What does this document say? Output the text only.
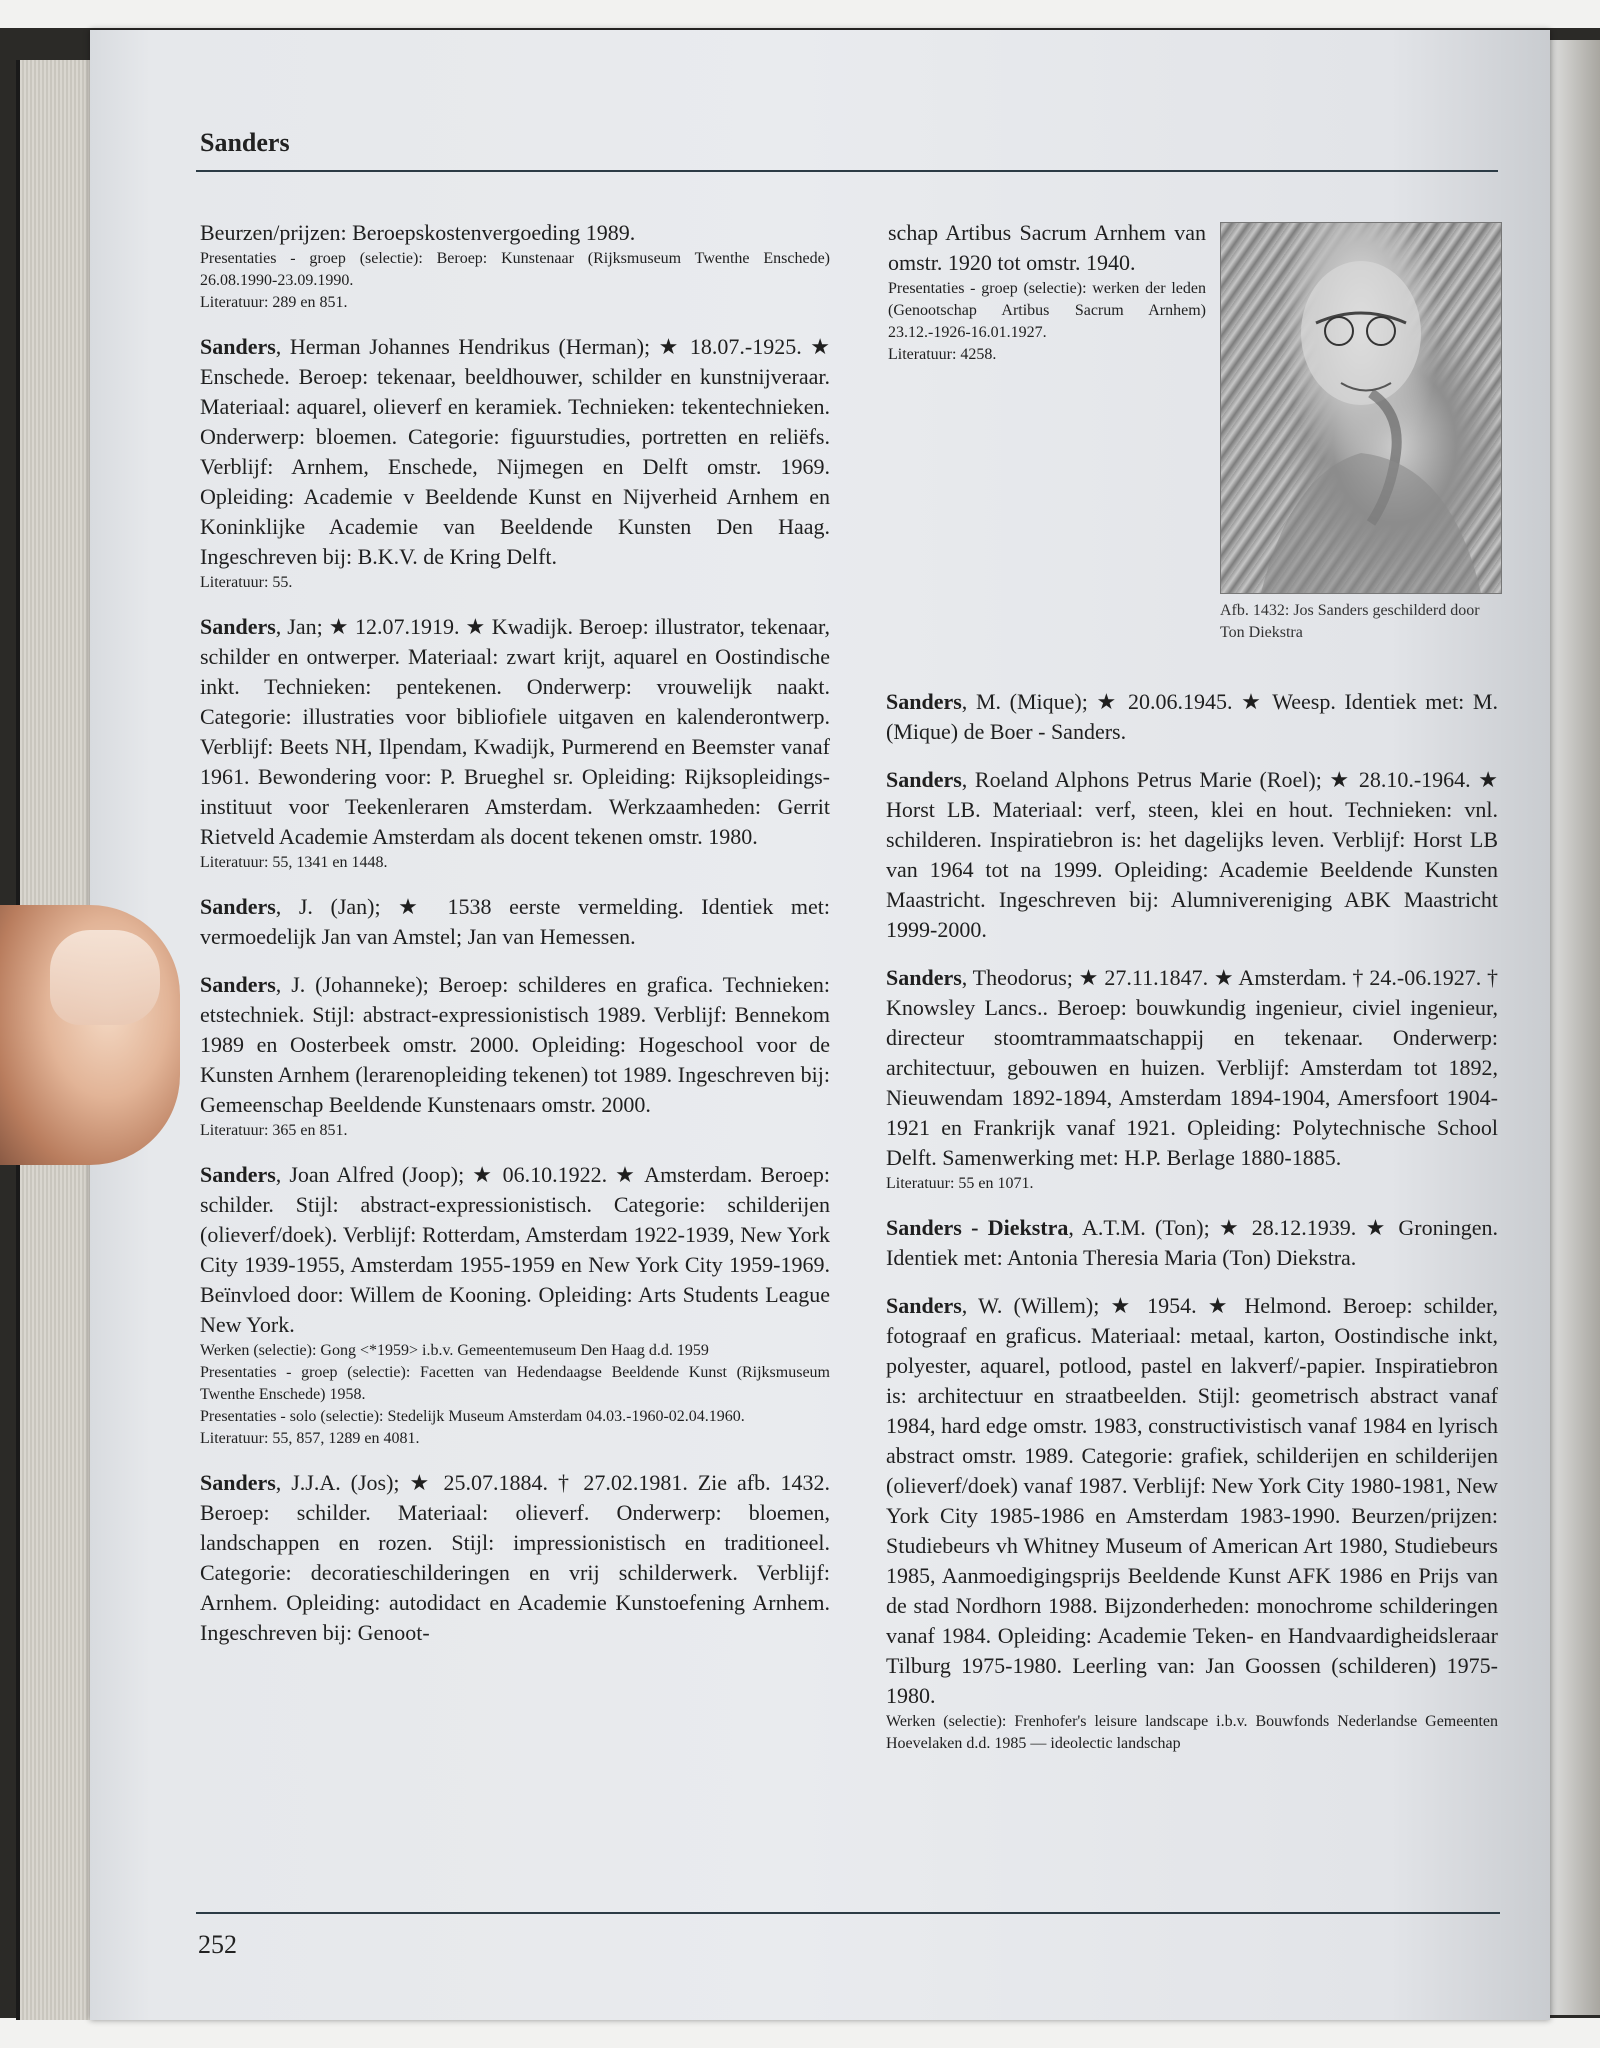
Sanders

Beurzen/prijzen: Beroepskostenvergoeding 1989.

Presentaties - groep (selectie): Beroep: Kunstenaar (Rijksmuseum Twenthe Enschede) 26.08.1990-23.09.1990.

Literatuur: 289 en 851.

Sanders, Herman Johannes Hendrikus (Herman); ★ 18.07.-1925. ★ Enschede. Beroep: tekenaar, beeldhouwer, schilder en kunstnijveraar. Materiaal: aquarel, olieverf en keramiek. Technieken: tekentechnieken. Onderwerp: bloemen. Categorie: figuurstudies, portretten en reliëfs. Verblijf: Arnhem, Enschede, Nijmegen en Delft omstr. 1969. Opleiding: Academie v Beeldende Kunst en Nijverheid Arnhem en Koninklijke Academie van Beeldende Kunsten Den Haag. Ingeschreven bij: B.K.V. de Kring Delft.

Literatuur: 55.

Sanders, Jan; ★ 12.07.1919. ★ Kwadijk. Beroep: illustrator, tekenaar, schilder en ontwerper. Materiaal: zwart krijt, aquarel en Oostindische inkt. Technieken: pentekenen. Onderwerp: vrouwelijk naakt. Categorie: illustraties voor bibliofiele uitgaven en kalenderontwerp. Verblijf: Beets NH, Ilpendam, Kwadijk, Purmerend en Beemster vanaf 1961. Bewondering voor: P. Brueghel sr. Opleiding: Rijksopleidings-instituut voor Teekenleraren Amsterdam. Werkzaamheden: Gerrit Rietveld Academie Amsterdam als docent tekenen omstr. 1980.

Literatuur: 55, 1341 en 1448.

Sanders, J. (Jan); ★ 1538 eerste vermelding. Identiek met: vermoedelijk Jan van Amstel; Jan van Hemessen.

Sanders, J. (Johanneke); Beroep: schilderes en grafica. Technieken: etstechniek. Stijl: abstract-expressionistisch 1989. Verblijf: Bennekom 1989 en Oosterbeek omstr. 2000. Opleiding: Hogeschool voor de Kunsten Arnhem (lerarenopleiding tekenen) tot 1989. Ingeschreven bij: Gemeenschap Beeldende Kunstenaars omstr. 2000.

Literatuur: 365 en 851.

Sanders, Joan Alfred (Joop); ★ 06.10.1922. ★ Amsterdam. Beroep: schilder. Stijl: abstract-expressionistisch. Categorie: schilderijen (olieverf/doek). Verblijf: Rotterdam, Amsterdam 1922-1939, New York City 1939-1955, Amsterdam 1955-1959 en New York City 1959-1969. Beïnvloed door: Willem de Kooning. Opleiding: Arts Students League New York.

Werken (selectie): Gong <*1959> i.b.v. Gemeentemuseum Den Haag d.d. 1959

Presentaties - groep (selectie): Facetten van Hedendaagse Beeldende Kunst (Rijksmuseum Twenthe Enschede) 1958.

Presentaties - solo (selectie): Stedelijk Museum Amsterdam 04.03.-1960-02.04.1960.

Literatuur: 55, 857, 1289 en 4081.

Sanders, J.J.A. (Jos); ★ 25.07.1884. † 27.02.1981. Zie afb. 1432. Beroep: schilder. Materiaal: olieverf. Onderwerp: bloemen, landschappen en rozen. Stijl: impressionistisch en traditioneel. Categorie: decoratieschilderingen en vrij schilderwerk. Verblijf: Arnhem. Opleiding: autodidact en Academie Kunstoefening Arnhem. Ingeschreven bij: Genoot-

schap Artibus Sacrum Arnhem van omstr. 1920 tot omstr. 1940.

Presentaties - groep (selectie): werken der leden (Genootschap Artibus Sacrum Arnhem) 23.12.-1926-16.01.1927.

Literatuur: 4258.

Afb. 1432: Jos Sanders geschilderd door Ton Diekstra

Sanders, M. (Mique); ★ 20.06.1945. ★ Weesp. Identiek met: M. (Mique) de Boer - Sanders.

Sanders, Roeland Alphons Petrus Marie (Roel); ★ 28.10.-1964. ★ Horst LB. Materiaal: verf, steen, klei en hout. Technieken: vnl. schilderen. Inspiratiebron is: het dagelijks leven. Verblijf: Horst LB van 1964 tot na 1999. Opleiding: Academie Beeldende Kunsten Maastricht. Ingeschreven bij: Alumnivereniging ABK Maastricht 1999-2000.

Sanders, Theodorus; ★ 27.11.1847. ★ Amsterdam. † 24.-06.1927. † Knowsley Lancs.. Beroep: bouwkundig ingenieur, civiel ingenieur, directeur stoomtrammaatschappij en tekenaar. Onderwerp: architectuur, gebouwen en huizen. Verblijf: Amsterdam tot 1892, Nieuwendam 1892-1894, Amsterdam 1894-1904, Amersfoort 1904-1921 en Frankrijk vanaf 1921. Opleiding: Polytechnische School Delft. Samenwerking met: H.P. Berlage 1880-1885.

Literatuur: 55 en 1071.

Sanders - Diekstra, A.T.M. (Ton); ★ 28.12.1939. ★ Groningen. Identiek met: Antonia Theresia Maria (Ton) Diekstra.

Sanders, W. (Willem); ★ 1954. ★ Helmond. Beroep: schilder, fotograaf en graficus. Materiaal: metaal, karton, Oostindische inkt, polyester, aquarel, potlood, pastel en lakverf/-papier. Inspiratiebron is: architectuur en straatbeelden. Stijl: geometrisch abstract vanaf 1984, hard edge omstr. 1983, constructivistisch vanaf 1984 en lyrisch abstract omstr. 1989. Categorie: grafiek, schilderijen en schilderijen (olieverf/doek) vanaf 1987. Verblijf: New York City 1980-1981, New York City 1985-1986 en Amsterdam 1983-1990. Beurzen/prijzen: Studiebeurs vh Whitney Museum of American Art 1980, Studiebeurs 1985, Aanmoedigingsprijs Beeldende Kunst AFK 1986 en Prijs van de stad Nordhorn 1988. Bijzonderheden: monochrome schilderingen vanaf 1984. Opleiding: Academie Teken- en Handvaardigheidsleraar Tilburg 1975-1980. Leerling van: Jan Goossen (schilderen) 1975-1980.

Werken (selectie): Frenhofer's leisure landscape i.b.v. Bouwfonds Nederlandse Gemeenten Hoevelaken d.d. 1985 — ideolectic landschap

252
